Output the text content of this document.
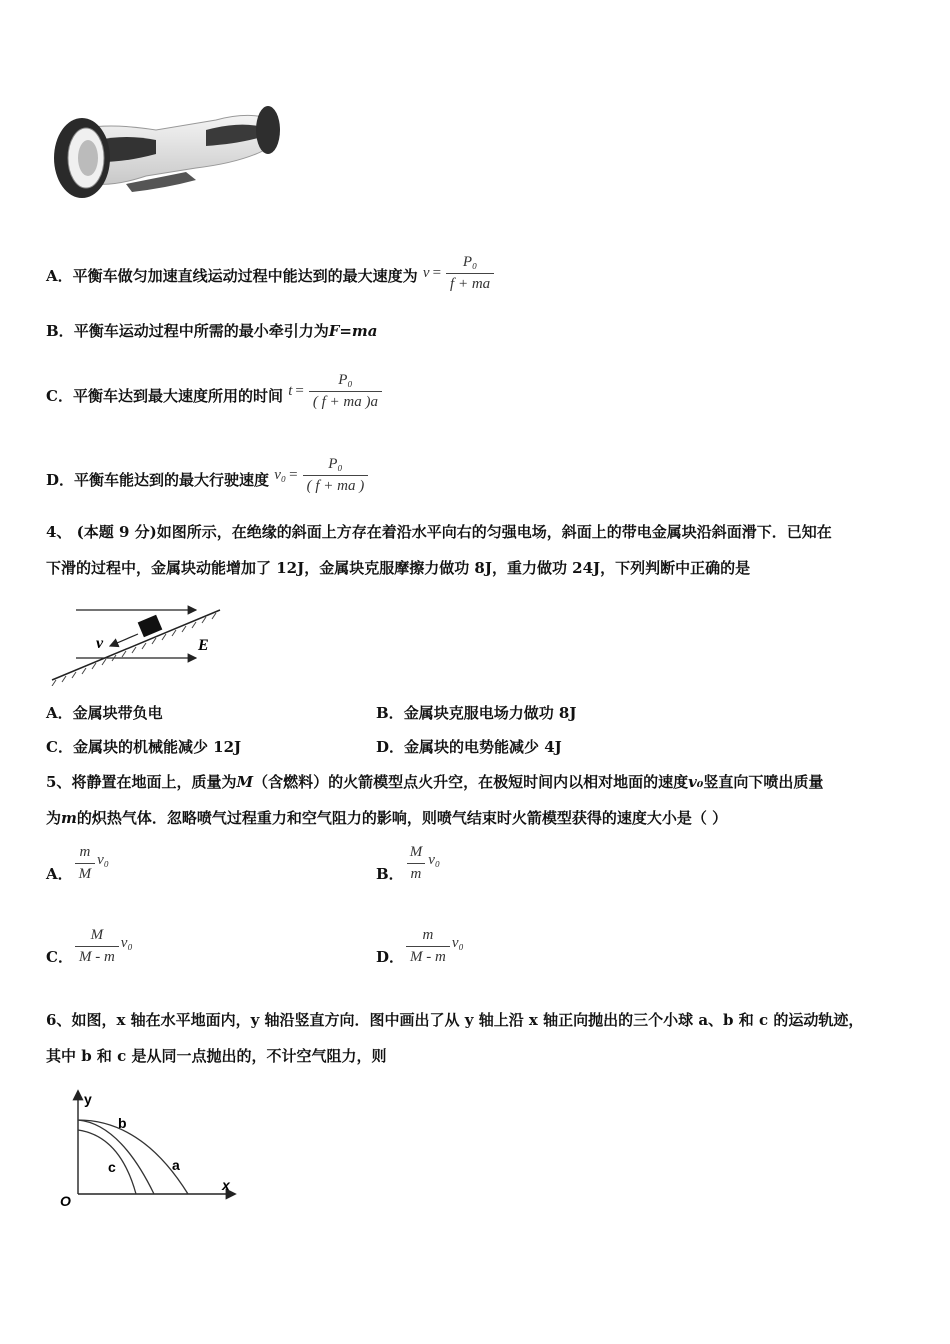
A．平衡车做匀加速直线运动过程中能达到的最大速度为 $v = \frac{\text{P₀}}{f + ma}$
B．平衡车运动过程中所需的最小牵引力为F=ma
C．平衡车达到最大速度所用的时间 $t = \frac{\text{P₀}}{( f + ma )a}$
D．平衡车能达到的最大行驶速度 $v_0 = \frac{\text{P₀}}{( f + ma )}$
4、 (本题 9 分)如图所示，在绝缘的斜面上方存在着沿水平向右的匀强电场，斜面上的带电金属块沿斜面滑下．已知在
下滑的过程中，金属块动能增加了 12J，金属块克服摩擦力做功 8J，重力做功 24J，下列判断中正确的是
v	E
A．金属块带负电	B．金属块克服电场力做功 8J
C．金属块的机械能减少 12J	D．金属块的电势能减少 4J
5、将静置在地面上，质量为M（含燃料）的火箭模型点火升空，在极短时间内以相对地面的速度v₀竖直向下喷出质量
为m的炽热气体．忽略喷气过程重力和空气阻力的影响，则喷气结束时火箭模型获得的速度大小是（ ）
A． $\frac{m}{M} v_0$
B． $\frac{M}{m} v_0$
C． $\frac{M}{M - m} v_0$
D． $\frac{m}{M - m} v_0$
6、如图，x 轴在水平地面内，y 轴沿竖直方向．图中画出了从 y 轴上沿 x 轴正向抛出的三个小球 a、b 和 c 的运动轨迹，
其中 b 和 c 是从同一点抛出的，不计空气阻力，则
y
x
O
b
c	a
